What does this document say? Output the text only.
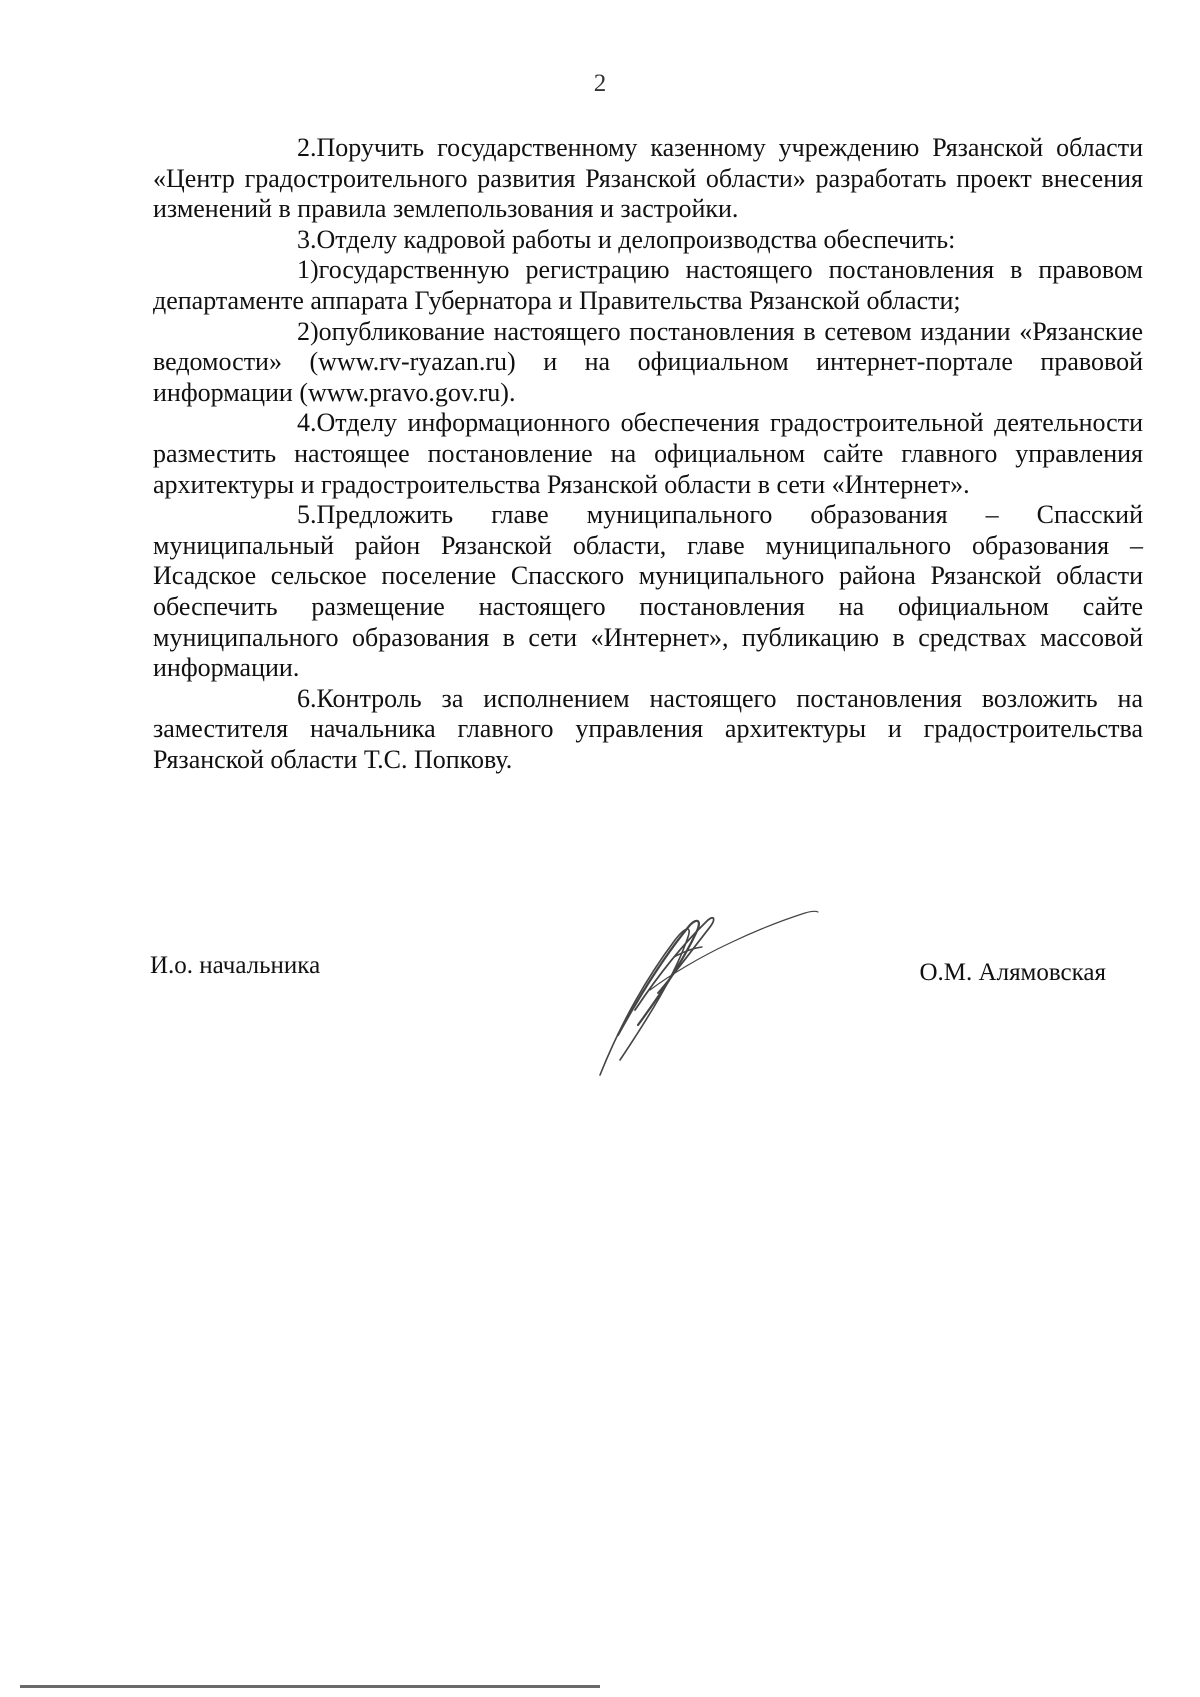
2

2.Поручить государственному казенному учреждению Рязанской области «Центр градостроительного развития Рязанской области» разработать проект внесения изменений в правила землепользования и застройки.

3.Отделу кадровой работы и делопроизводства обеспечить:

1)государственную регистрацию настоящего постановления в правовом департаменте аппарата Губернатора и Правительства Рязанской области;

2)опубликование настоящего постановления в сетевом издании «Рязанские ведомости» (www.rv-ryazan.ru) и на официальном интернет-портале правовой информации (www.pravo.gov.ru).

4.Отделу информационного обеспечения градостроительной деятельности разместить настоящее постановление на официальном сайте главного управления архитектуры и градостроительства Рязанской области в сети «Интернет».

5.Предложить главе муниципального образования – Спасский муниципальный район Рязанской области, главе муниципального образования – Исадское сельское поселение Спасского муниципального района Рязанской области обеспечить размещение настоящего постановления на официальном сайте муниципального образования в сети «Интернет», публикацию в средствах массовой информации.

6.Контроль за исполнением настоящего постановления возложить на заместителя начальника главного управления архитектуры и градостроительства Рязанской области Т.С. Попкову.

И.о. начальника	О.М. Алямовская
